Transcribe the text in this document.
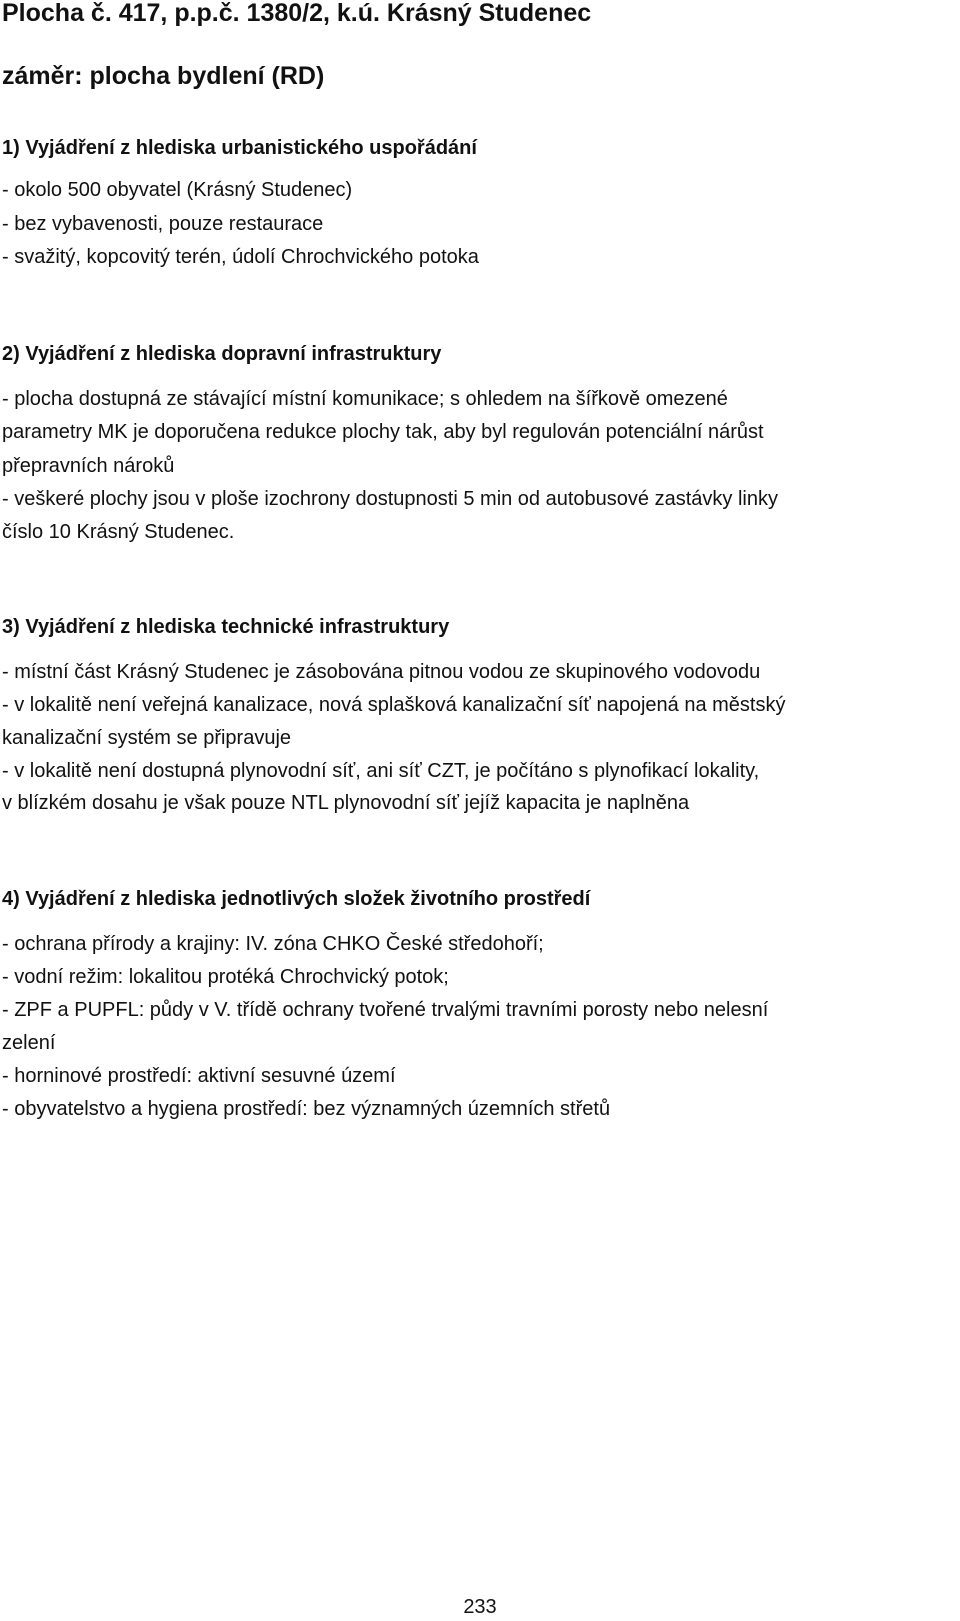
Plocha č. 417, p.p.č. 1380/2, k.ú. Krásný Studenec
záměr: plocha bydlení (RD)
1) Vyjádření z hlediska urbanistického uspořádání
- okolo 500 obyvatel (Krásný Studenec)
- bez vybavenosti, pouze restaurace
- svažitý, kopcovitý terén, údolí Chrochvického potoka
2) Vyjádření z hlediska dopravní infrastruktury
- plocha dostupná ze stávající místní komunikace; s ohledem na šířkově omezené
parametry MK je doporučena redukce plochy tak, aby byl regulován potenciální nárůst
přepravních nároků
- veškeré plochy jsou v ploše izochrony dostupnosti 5 min od autobusové zastávky linky
číslo 10 Krásný Studenec.
3) Vyjádření z hlediska technické infrastruktury
- místní část Krásný Studenec je zásobována pitnou vodou ze skupinového vodovodu
- v lokalitě není veřejná kanalizace, nová splašková kanalizační síť napojená na městský
kanalizační systém se připravuje
- v lokalitě není dostupná plynovodní síť, ani síť CZT, je počítáno s plynofikací lokality,
v blízkém dosahu je však pouze NTL plynovodní síť jejíž kapacita je naplněna
4) Vyjádření z hlediska jednotlivých složek životního prostředí
- ochrana přírody a krajiny: IV. zóna CHKO České středohoří;
- vodní režim: lokalitou protéká Chrochvický potok;
- ZPF a PUPFL: půdy v V. třídě ochrany tvořené trvalými travními porosty nebo nelesní
zelení
- horninové prostředí: aktivní sesuvné území
- obyvatelstvo a hygiena prostředí: bez významných územních střetů
233
